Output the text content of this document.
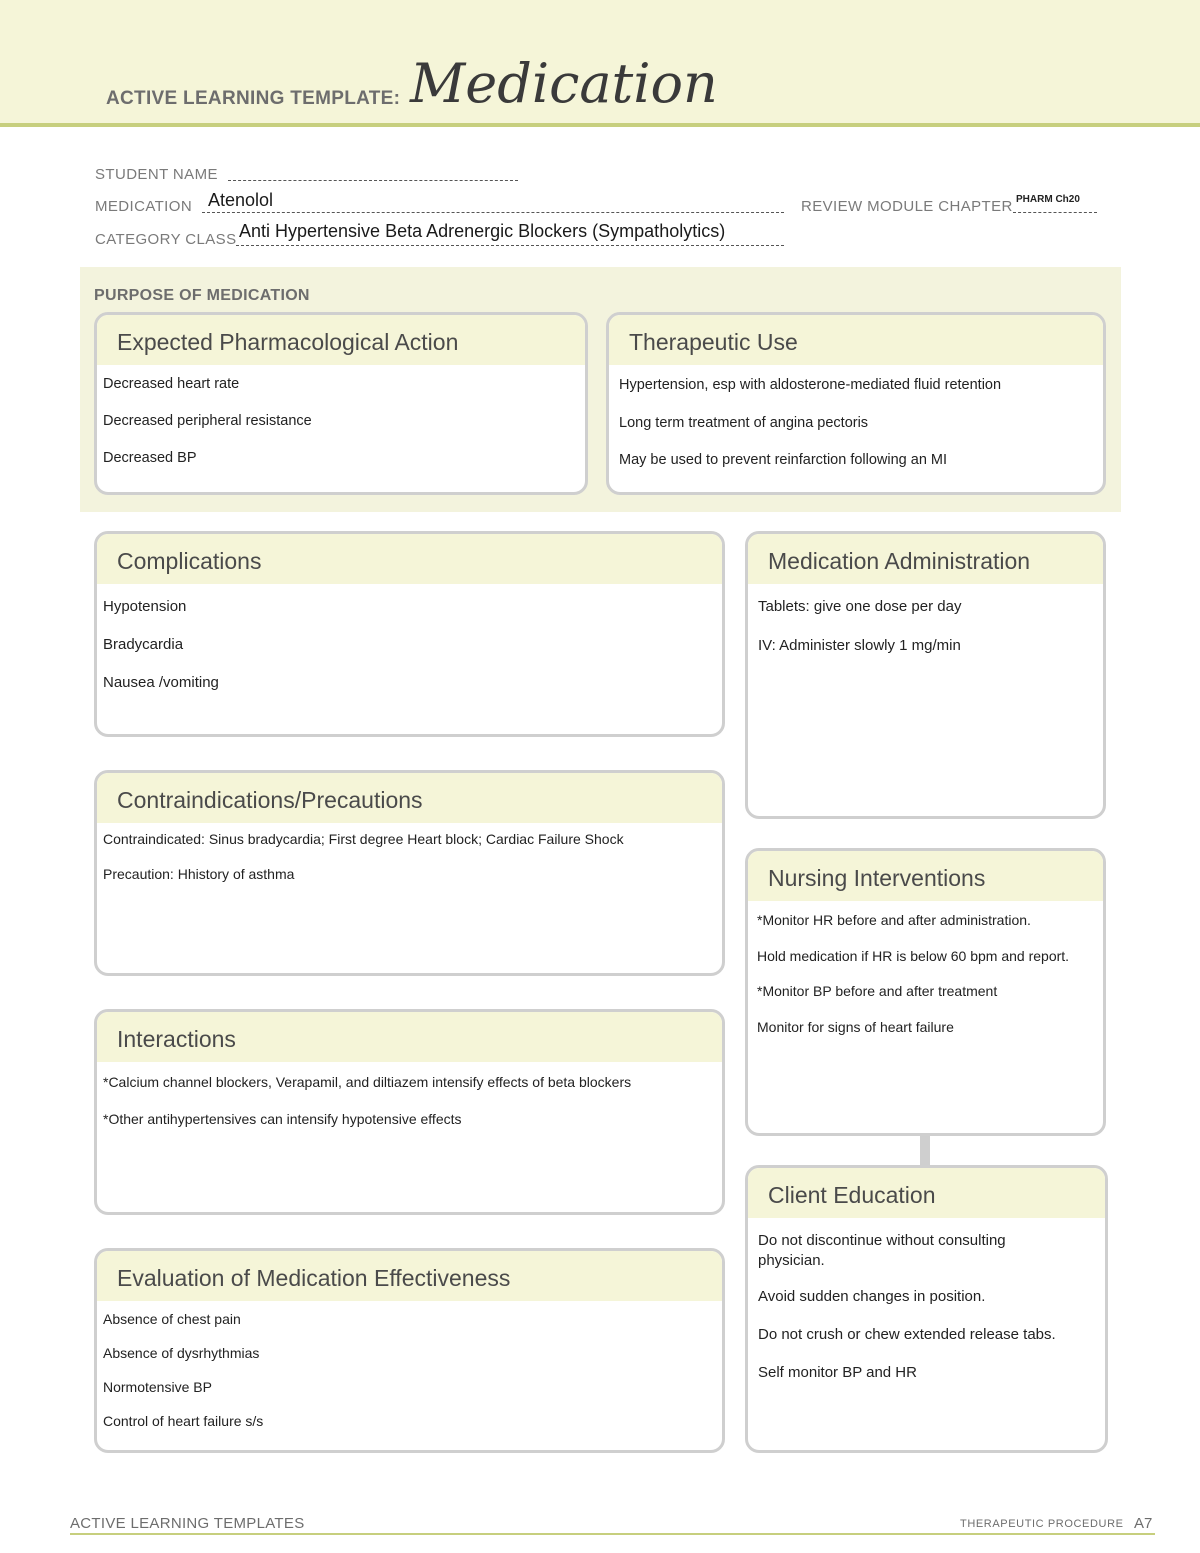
ACTIVE LEARNING TEMPLATE: Medication
STUDENT NAME
MEDICATION Atenolol	REVIEW MODULE CHAPTER PHARM Ch20
CATEGORY CLASS Anti Hypertensive Beta Adrenergic Blockers (Sympatholytics)
PURPOSE OF MEDICATION
Expected Pharmacological Action
Decreased heart rate
Decreased peripheral resistance
Decreased BP
Therapeutic Use
Hypertension, esp with aldosterone-mediated fluid retention
Long term treatment of angina pectoris
May be used to prevent reinfarction following an MI
Complications
Hypotension
Bradycardia
Nausea /vomiting
Medication Administration
Tablets: give one dose per day
IV: Administer slowly 1 mg/min
Contraindications/Precautions
Contraindicated: Sinus bradycardia; First degree Heart block; Cardiac Failure Shock
Precaution: Hhistory of asthma	Nursing Interventions
*Monitor HR before and after administration.
Hold medication if HR is below 60 bpm and report.
*Monitor BP before and after treatment
Monitor for signs of heart failure
Interactions
*Calcium channel blockers, Verapamil, and diltiazem intensify effects of beta blockers
*Other antihypertensives can intensify hypotensive effects
Client Education
Do not discontinue without consulting physician.
Avoid sudden changes in position.
Do not crush or chew extended release tabs.
Self monitor BP and HR
Evaluation of Medication Effectiveness
Absence of chest pain
Absence of dysrhythmias
Normotensive BP
Control of heart failure s/s
ACTIVE LEARNING TEMPLATES	THERAPEUTIC PROCEDURE A7
